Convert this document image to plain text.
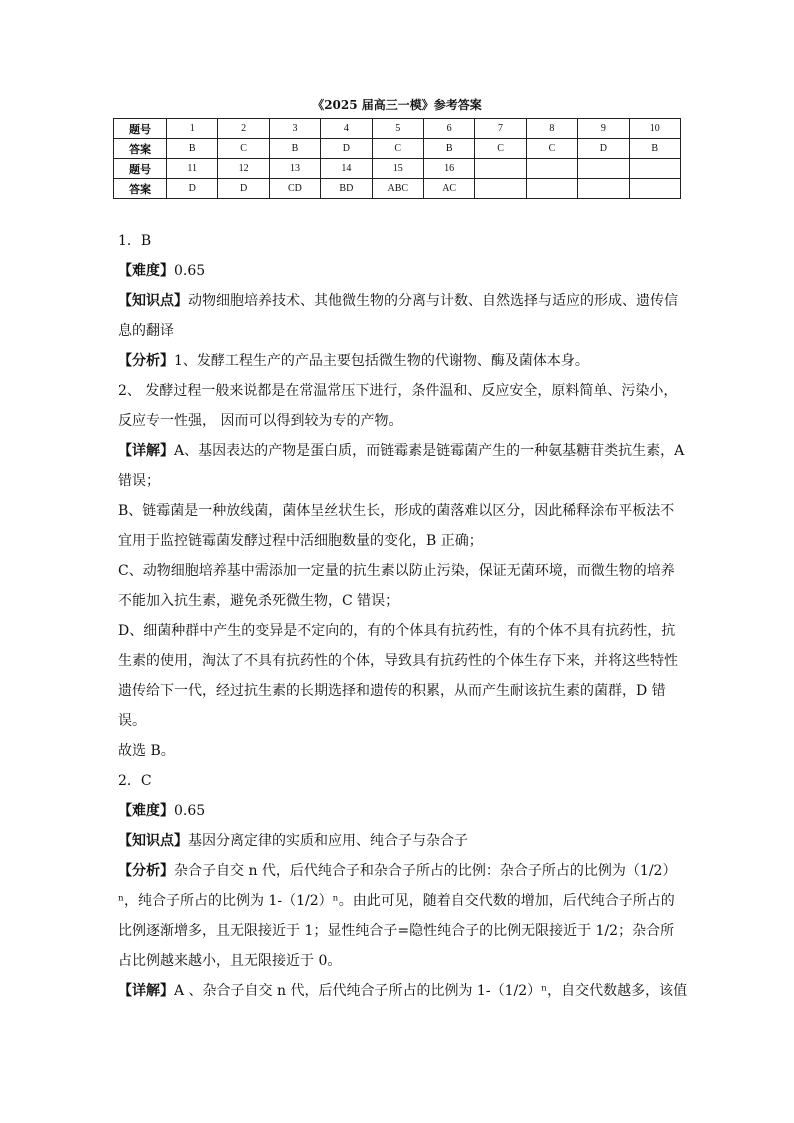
《2025 届高三一模》参考答案
题号	1	2	3	4	5	6	7	8	9	10
答案	B	C	B	D	C	B	C	C	D	B
题号	11	12	13	14	15	16				
答案	D	D	CD	BD	ABC	AC				

1．B

【难度】0.65

【知识点】动物细胞培养技术、其他微生物的分离与计数、自然选择与适应的形成、遗传信息的翻译

【分析】1、发酵工程生产的产品主要包括微生物的代谢物、酶及菌体本身。

2、 发酵过程一般来说都是在常温常压下进行，条件温和、反应安全，原料简单、污染小，反应专一性强， 因而可以得到较为专的产物。

【详解】A、基因表达的产物是蛋白质，而链霉素是链霉菌产生的一种氨基糖苷类抗生素，A 错误；

B、链霉菌是一种放线菌，菌体呈丝状生长，形成的菌落难以区分，因此稀释涂布平板法不宜用于监控链霉菌发酵过程中活细胞数量的变化，B 正确；

C、动物细胞培养基中需添加一定量的抗生素以防止污染，保证无菌环境，而微生物的培养不能加入抗生素，避免杀死微生物，C 错误；

D、细菌种群中产生的变异是不定向的，有的个体具有抗药性，有的个体不具有抗药性，抗生素的使用，淘汰了不具有抗药性的个体，导致具有抗药性的个体生存下来，并将这些特性遗传给下一代，经过抗生素的长期选择和遗传的积累，从而产生耐该抗生素的菌群，D 错误。

故选 B。

2．C

【难度】0.65

【知识点】基因分离定律的实质和应用、纯合子与杂合子

【分析】杂合子自交 n 代，后代纯合子和杂合子所占的比例：杂合子所占的比例为（1/2）ⁿ，纯合子所占的比例为 1-（1/2）ⁿ。由此可见，随着自交代数的增加，后代纯合子所占的比例逐渐增多，且无限接近于 1；显性纯合子=隐性纯合子的比例无限接近于 1/2；杂合所占比例越来越小，且无限接近于 0。

【详解】A 、杂合子自交 n 代，后代纯合子所占的比例为 1-（1/2）ⁿ，自交代数越多，该值
